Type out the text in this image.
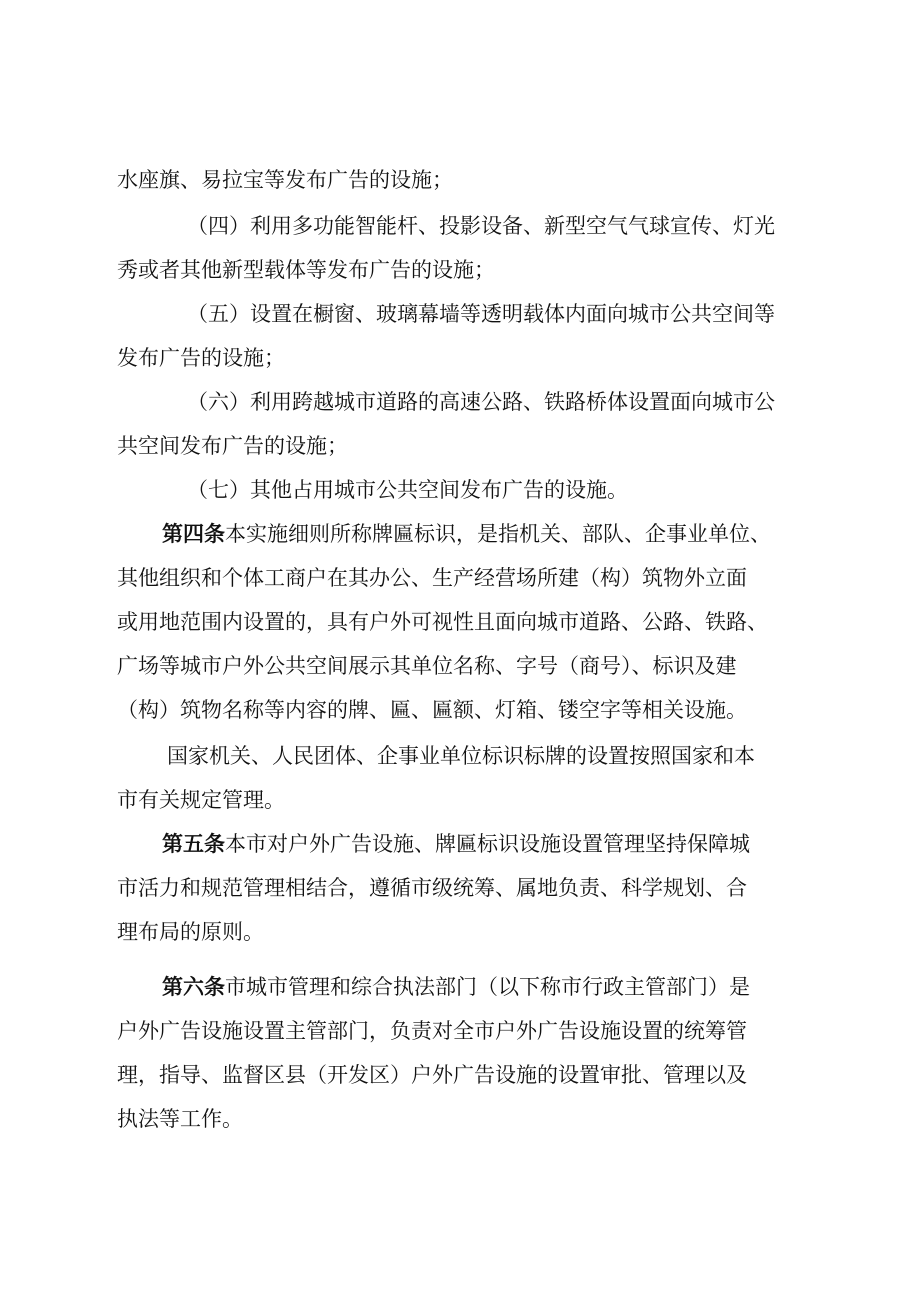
水座旗、易拉宝等发布广告的设施；
（四）利用多功能智能杆、投影设备、新型空气气球宣传、灯光
秀或者其他新型载体等发布广告的设施；
（五）设置在橱窗、玻璃幕墙等透明载体内面向城市公共空间等
发布广告的设施；
（六）利用跨越城市道路的高速公路、铁路桥体设置面向城市公
共空间发布广告的设施；
（七）其他占用城市公共空间发布广告的设施。
第四条本实施细则所称牌匾标识，是指机关、部队、企事业单位、
其他组织和个体工商户在其办公、生产经营场所建（构）筑物外立面
或用地范围内设置的，具有户外可视性且面向城市道路、公路、铁路、
广场等城市户外公共空间展示其单位名称、字号（商号）、标识及建
（构）筑物名称等内容的牌、匾、匾额、灯箱、镂空字等相关设施。
国家机关、人民团体、企事业单位标识标牌的设置按照国家和本
市有关规定管理。
第五条本市对户外广告设施、牌匾标识设施设置管理坚持保障城
市活力和规范管理相结合，遵循市级统筹、属地负责、科学规划、合
理布局的原则。
第六条市城市管理和综合执法部门（以下称市行政主管部门）是
户外广告设施设置主管部门，负责对全市户外广告设施设置的统筹管
理，指导、监督区县（开发区）户外广告设施的设置审批、管理以及
执法等工作。
